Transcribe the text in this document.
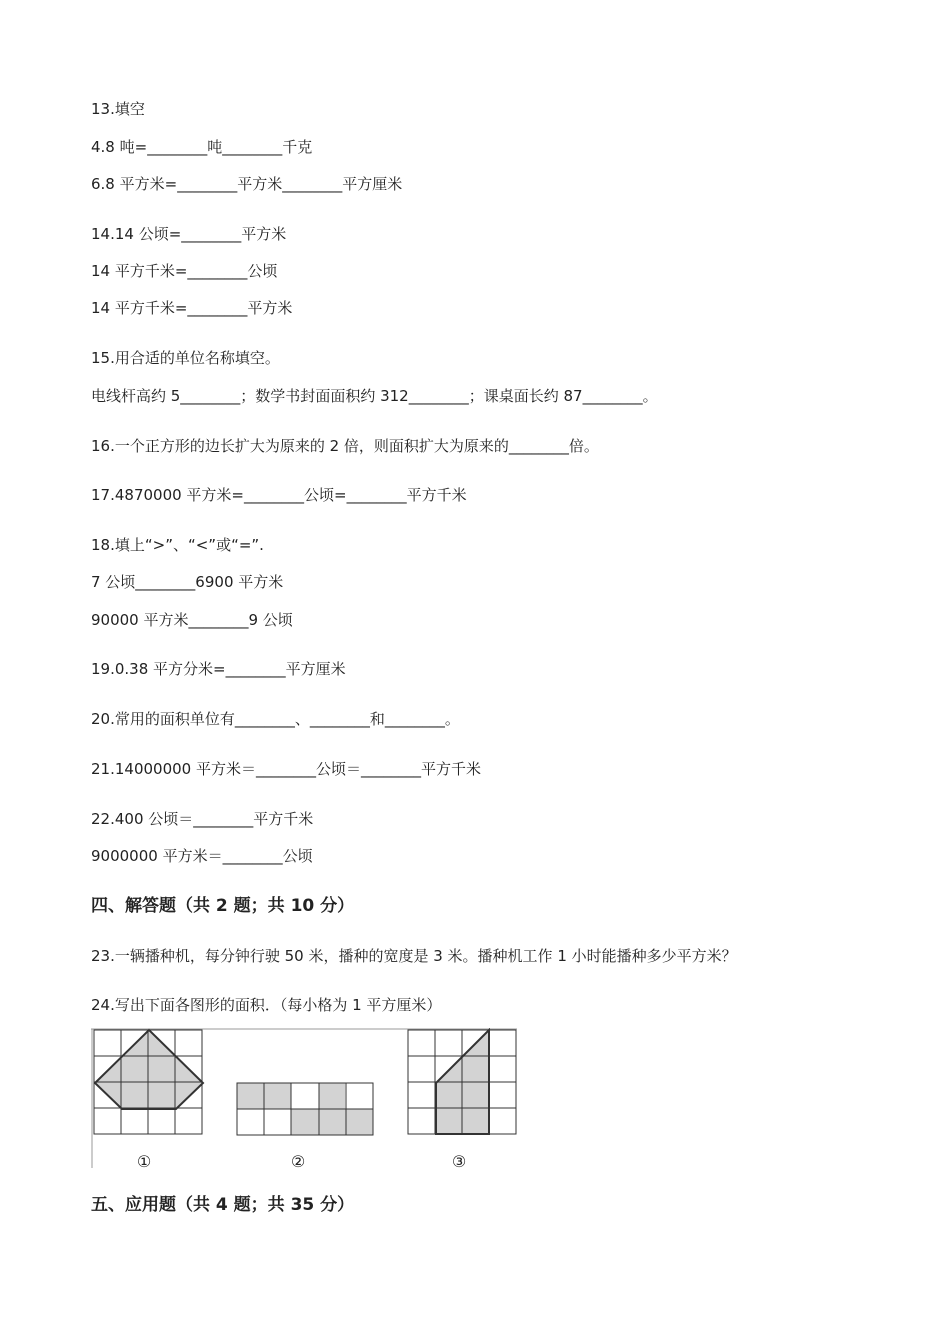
13.填空
4.8 吨=________吨________千克
6.8 平方米=________平方米________平方厘米
14.14 公顷=________平方米
14 平方千米=________公顷
14 平方千米=________平方米
15.用合适的单位名称填空。
电线杆高约 5________；数学书封面面积约 312________；课桌面长约 87________。
16.一个正方形的边长扩大为原来的 2 倍，则面积扩大为原来的________倍。
17.4870000 平方米=________公顷=________平方千米
18.填上“>”、“<”或“=”.
7 公顷________6900 平方米
90000 平方米________9 公顷
19.0.38 平方分米=________平方厘米
20.常用的面积单位有________、________和________。
21.14000000 平方米＝________公顷＝________平方千米
22.400 公顷＝________平方千米
9000000 平方米＝________公顷
四、解答题（共 2 题；共 10 分）
23.一辆播种机，每分钟行驶 50 米，播种的宽度是 3 米。播种机工作 1 小时能播种多少平方米？
24.写出下面各图形的面积．（每小格为 1 平方厘米）
①	②	③
五、应用题（共 4 题；共 35 分）
